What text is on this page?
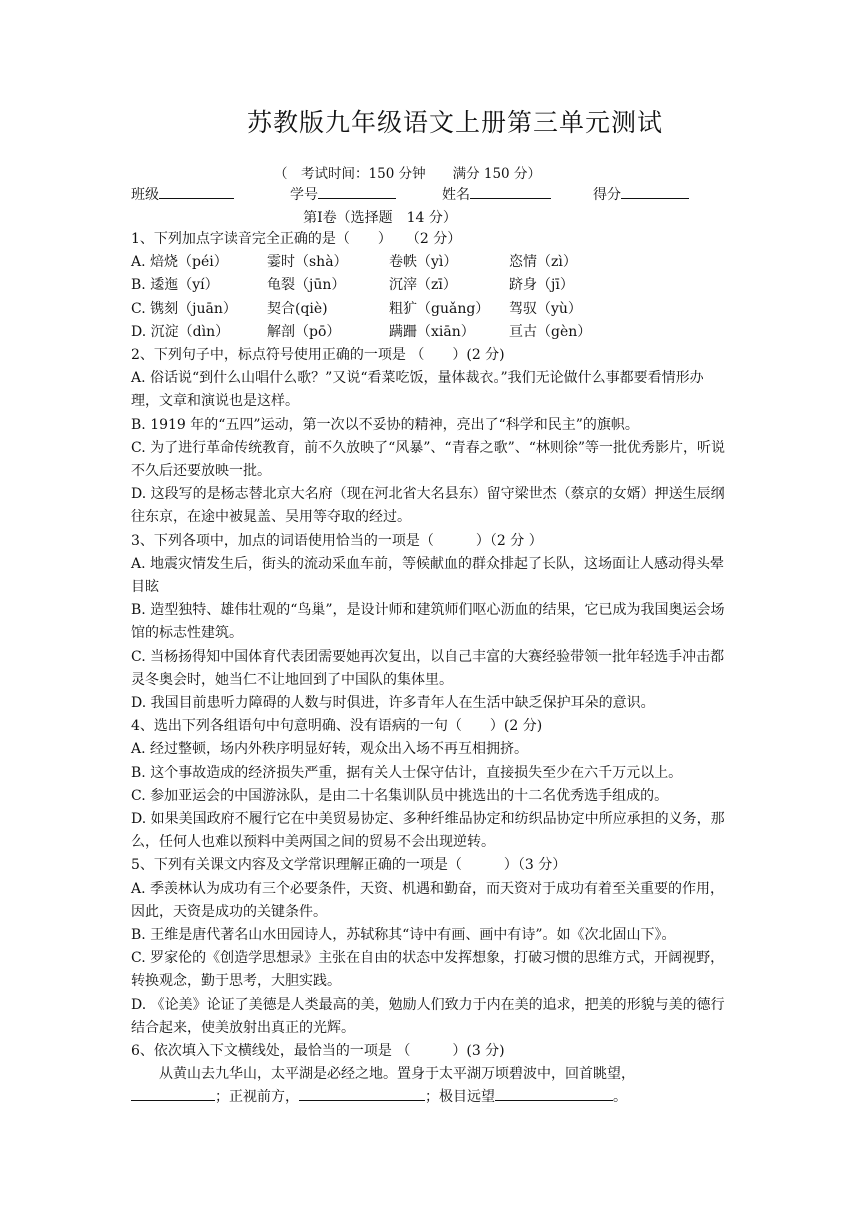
苏教版九年级语文上册第三单元测试
（　考试时间：150 分钟　　满分 150 分）
班级	学号	姓名	得分
第Ⅰ卷（选择题　14 分）
1、下列加点字读音完全正确的是（　　）　　（2 分）
A. 焙烧（péi）	霎时（shà）	卷帙（yì）	恣情（zì）
B. 逶迤（yí）	龟裂（jūn）	沉滓（zī）	跻身（jī）
C. 镌刻（juān） 契合(qiè)	粗犷（guǎng） 驾驭（yù）
D. 沉淀（dìn）	解剖（pō）	蹒跚（xiān） 亘古（gèn）
2、下列句子中，标点符号使用正确的一项是 （　　）(2 分)
A. 俗话说“到什么山唱什么歌？”又说“看菜吃饭，量体裁衣。”我们无论做什么事都要看情形办理，文章和演说也是这样。
B. 1919 年的“五四”运动，第一次以不妥协的精神，亮出了“科学和民主”的旗帜。
C. 为了进行革命传统教育，前不久放映了“风暴”、“青春之歌”、“林则徐”等一批优秀影片，听说不久后还要放映一批。
D. 这段写的是杨志替北京大名府（现在河北省大名县东）留守梁世杰（蔡京的女婿）押送生辰纲往东京，在途中被晁盖、吴用等夺取的经过。
3、下列各项中，加点的词语使用恰当的一项是（　　　）（2 分 ）
A. 地震灾情发生后，街头的流动采血车前，等候献血的群众排起了长队，这场面让人感动得头晕目眩
B. 造型独特、雄伟壮观的“鸟巢”，是设计师和建筑师们呕心沥血的结果，它已成为我国奥运会场馆的标志性建筑。
C. 当杨扬得知中国体育代表团需要她再次复出，以自己丰富的大赛经验带领一批年轻选手冲击都灵冬奥会时，她当仁不让地回到了中国队的集体里。
D. 我国目前患听力障碍的人数与时俱进，许多青年人在生活中缺乏保护耳朵的意识。
4、选出下列各组语句中句意明确、没有语病的一句（　　）(2 分)
A. 经过整顿，场内外秩序明显好转，观众出入场不再互相拥挤。
B. 这个事故造成的经济损失严重，据有关人士保守估计，直接损失至少在六千万元以上。
C. 参加亚运会的中国游泳队，是由二十名集训队员中挑选出的十二名优秀选手组成的。
D. 如果美国政府不履行它在中美贸易协定、多种纤维品协定和纺织品协定中所应承担的义务，那么，任何人也难以预料中美两国之间的贸易不会出现逆转。
5、下列有关课文内容及文学常识理解正确的一项是（　　　）（3 分）
A. 季羡林认为成功有三个必要条件，天资、机遇和勤奋，而天资对于成功有着至关重要的作用，因此，天资是成功的关键条件。
B. 王维是唐代著名山水田园诗人，苏轼称其“诗中有画、画中有诗”。如《次北固山下》。
C. 罗家伦的《创造学思想录》主张在自由的状态中发挥想象，打破习惯的思维方式，开阔视野，转换观念，勤于思考，大胆实践。
D. 《论美》论证了美德是人类最高的美，勉励人们致力于内在美的追求，把美的形貌与美的德行结合起来，使美放射出真正的光辉。
6、依次填入下文横线处，最恰当的一项是 （　　　）(3 分)
从黄山去九华山，太平湖是必经之地。置身于太平湖万顷碧波中，回首眺望，
；正视前方，	；极目远望	。
